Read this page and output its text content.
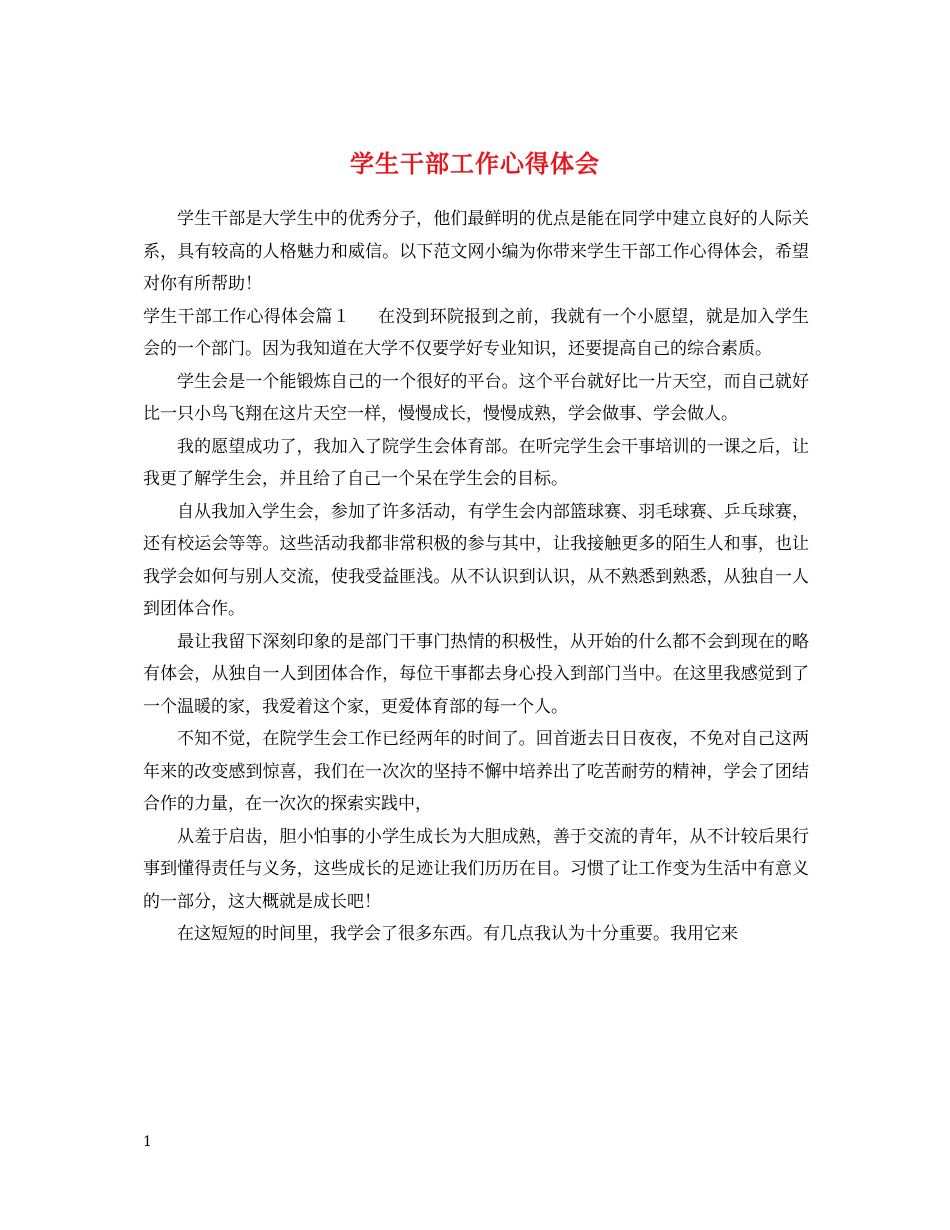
学生干部工作心得体会

学生干部是大学生中的优秀分子，他们最鲜明的优点是能在同学中建立良好的人际关系，具有较高的人格魅力和威信。以下范文网小编为你带来学生干部工作心得体会，希望对你有所帮助！

学生干部工作心得体会篇１ 在没到环院报到之前，我就有一个小愿望，就是加入学生会的一个部门。因为我知道在大学不仅要学好专业知识，还要提高自己的综合素质。

学生会是一个能锻炼自己的一个很好的平台。这个平台就好比一片天空，而自己就好比一只小鸟飞翔在这片天空一样，慢慢成长，慢慢成熟，学会做事、学会做人。

我的愿望成功了，我加入了院学生会体育部。在听完学生会干事培训的一课之后，让我更了解学生会，并且给了自己一个呆在学生会的目标。

自从我加入学生会，参加了许多活动，有学生会内部篮球赛、羽毛球赛、乒乓球赛，还有校运会等等。这些活动我都非常积极的参与其中，让我接触更多的陌生人和事，也让我学会如何与别人交流，使我受益匪浅。从不认识到认识，从不熟悉到熟悉，从独自一人到团体合作。

最让我留下深刻印象的是部门干事门热情的积极性，从开始的什么都不会到现在的略有体会，从独自一人到团体合作，每位干事都去身心投入到部门当中。在这里我感觉到了一个温暖的家，我爱着这个家，更爱体育部的每一个人。

不知不觉，在院学生会工作已经两年的时间了。回首逝去日日夜夜，不免对自己这两年来的改变感到惊喜，我们在一次次的坚持不懈中培养出了吃苦耐劳的精神，学会了团结合作的力量，在一次次的探索实践中，

从羞于启齿，胆小怕事的小学生成长为大胆成熟，善于交流的青年，从不计较后果行事到懂得责任与义务，这些成长的足迹让我们历历在目。习惯了让工作变为生活中有意义的一部分，这大概就是成长吧！

在这短短的时间里，我学会了很多东西。有几点我认为十分重要。我用它来

1
